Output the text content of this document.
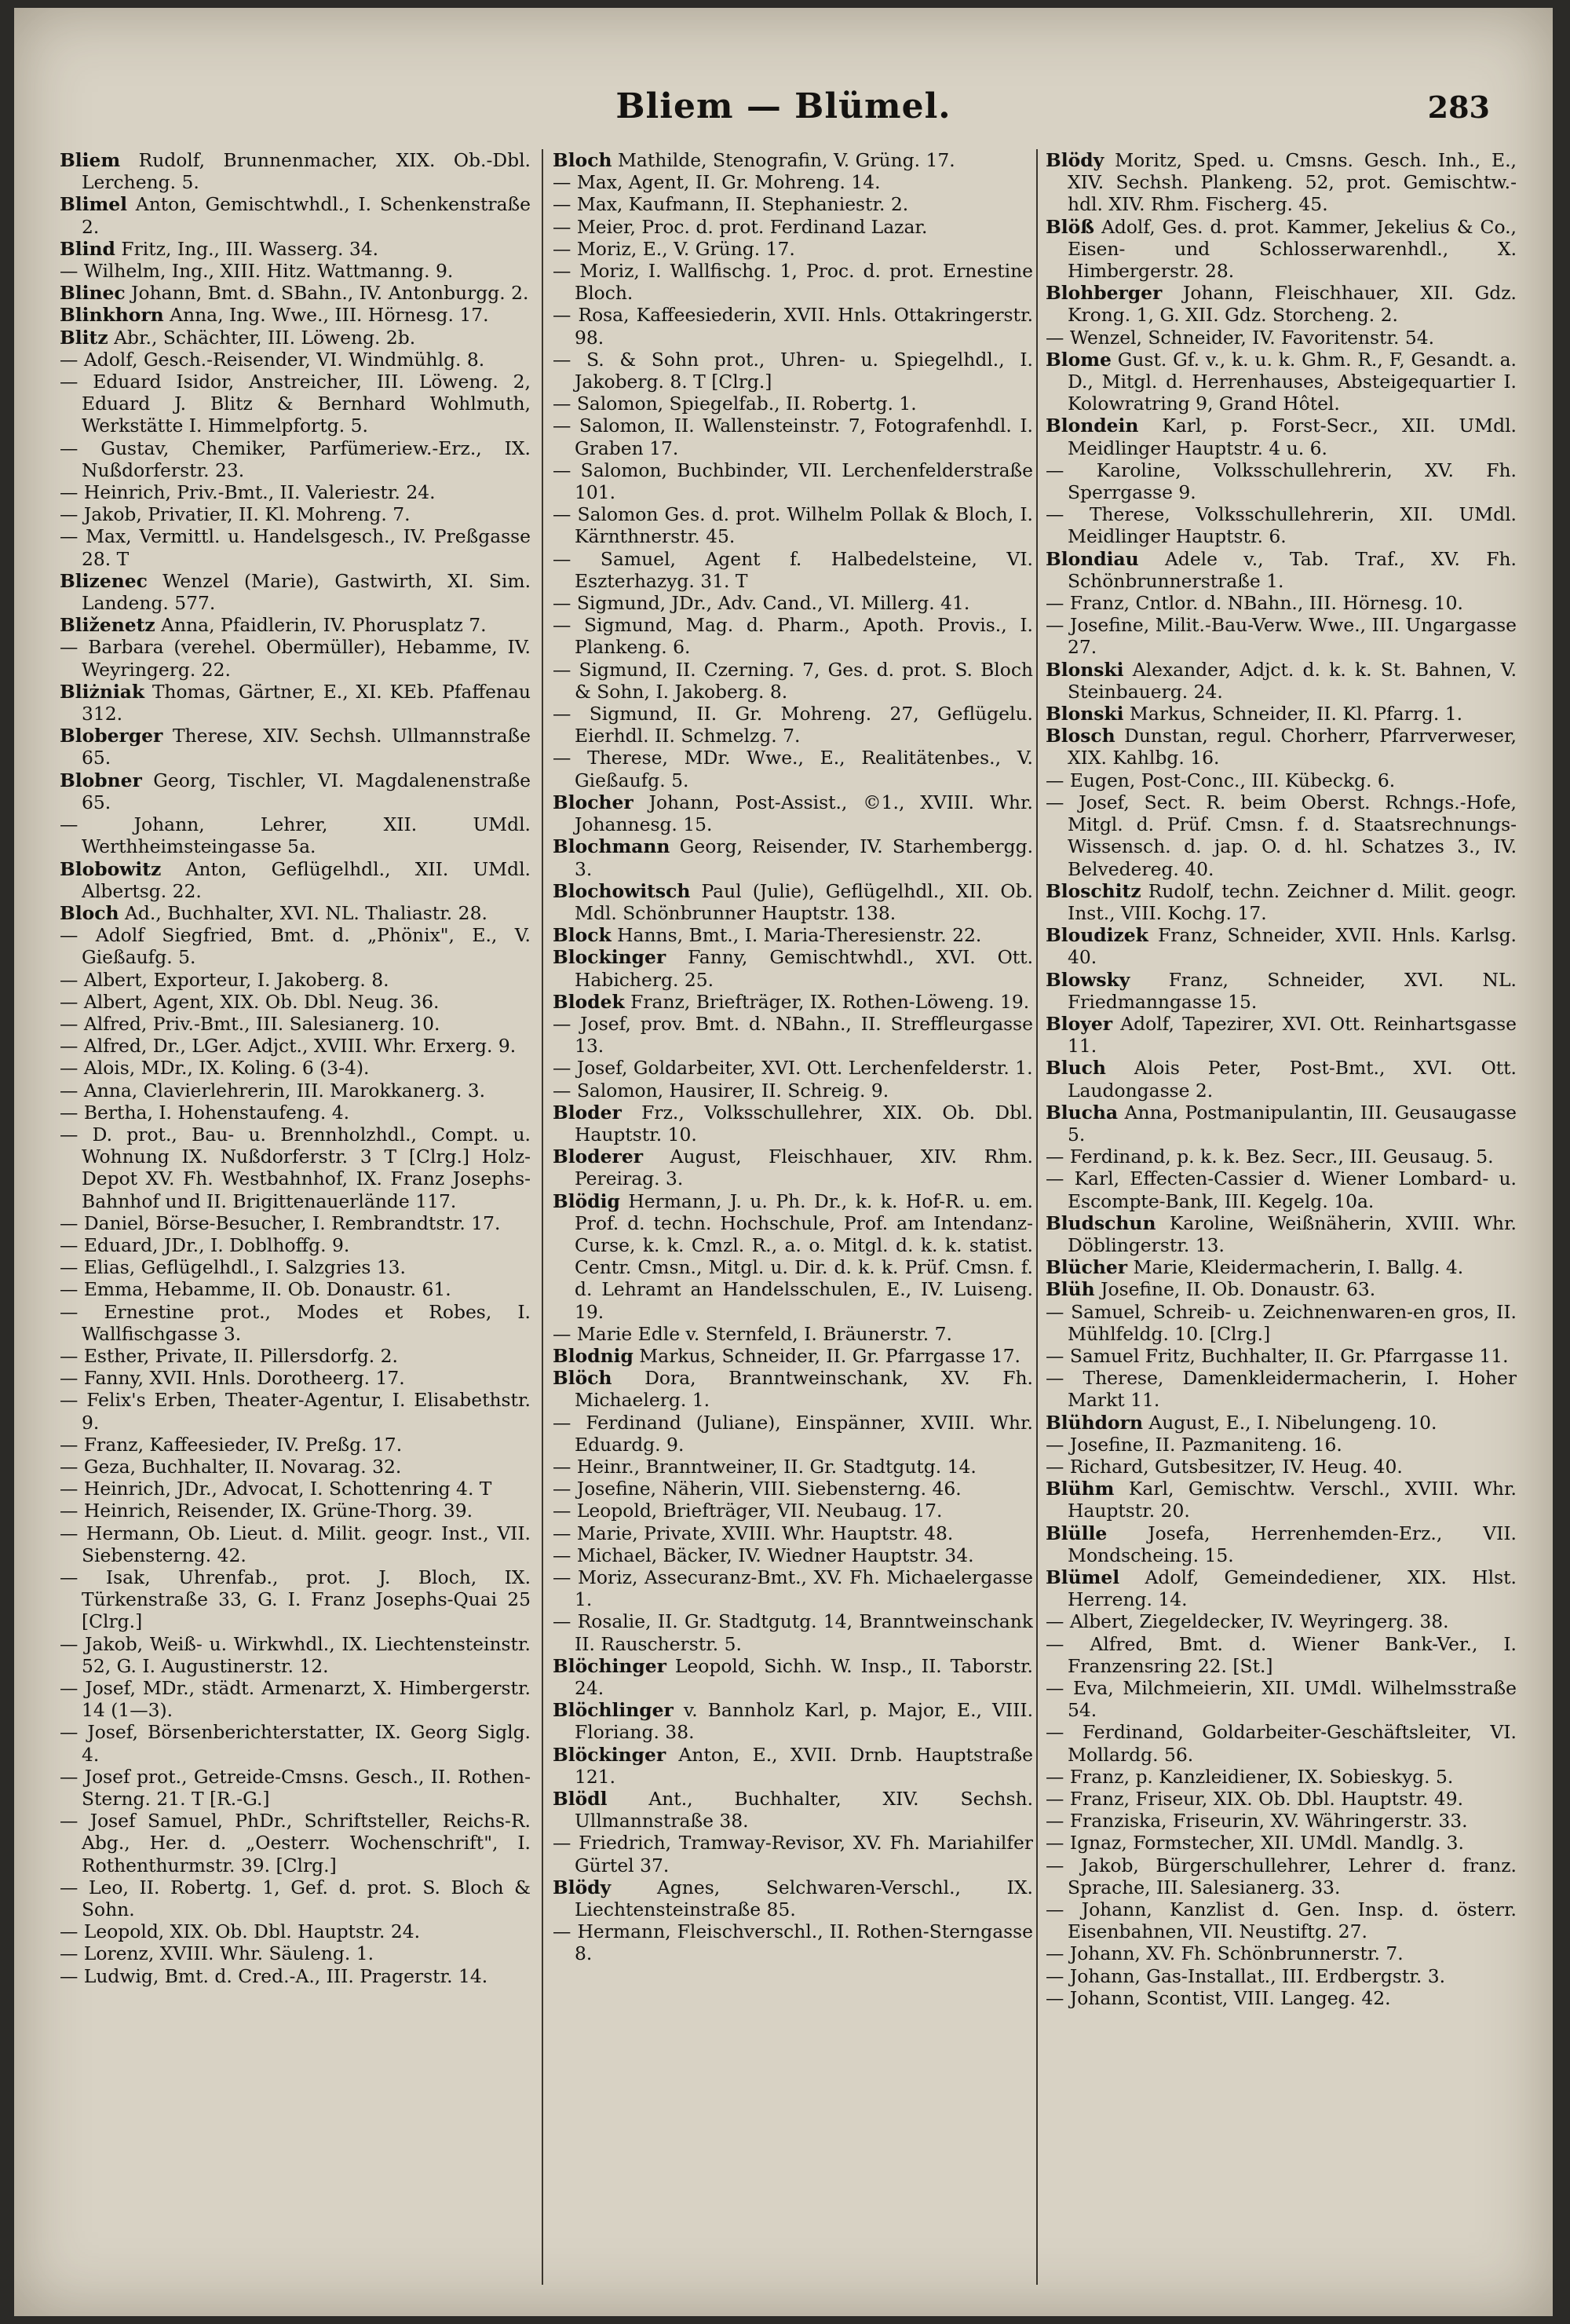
Bliem — Blümel.	283

Bliem Rudolf, Brunnenmacher, XIX. Ob.-Dbl. Lercheng. 5.

Blimel Anton, Gemischtwhdl., I. Schenkenstraße 2.

Blind Fritz, Ing., III. Wasserg. 34.

— Wilhelm, Ing., XIII. Hitz. Wattmanng. 9.

Blinec Johann, Bmt. d. SBahn., IV. Antonburgg. 2.

Blinkhorn Anna, Ing. Wwe., III. Hörnesg. 17.

Blitz Abr., Schächter, III. Löweng. 2b.

— Adolf, Gesch.-Reisender, VI. Windmühlg. 8.

— Eduard Isidor, Anstreicher, III. Löweng. 2, Eduard J. Blitz & Bernhard Wohlmuth, Werkstätte I. Himmelpfortg. 5.

— Gustav, Chemiker, Parfümeriew.-Erz., IX. Nußdorferstr. 23.

— Heinrich, Priv.-Bmt., II. Valeriestr. 24.

— Jakob, Privatier, II. Kl. Mohreng. 7.

— Max, Vermittl. u. Handelsgesch., IV. Preßgasse 28. T

Blizenec Wenzel (Marie), Gastwirth, XI. Sim. Landeng. 577.

Bliženetz Anna, Pfaidlerin, IV. Phorusplatz 7.

— Barbara (verehel. Obermüller), Hebamme, IV. Weyringerg. 22.

Bliżniak Thomas, Gärtner, E., XI. KEb. Pfaffenau 312.

Bloberger Therese, XIV. Sechsh. Ullmannstraße 65.

Blobner Georg, Tischler, VI. Magdalenenstraße 65.

— Johann, Lehrer, XII. UMdl. Werthheimsteingasse 5a.

Blobowitz Anton, Geflügelhdl., XII. UMdl. Albertsg. 22.

Bloch Ad., Buchhalter, XVI. NL. Thaliastr. 28.

— Adolf Siegfried, Bmt. d. „Phönix", E., V. Gießaufg. 5.

— Albert, Exporteur, I. Jakoberg. 8.

— Albert, Agent, XIX. Ob. Dbl. Neug. 36.

— Alfred, Priv.-Bmt., III. Salesianerg. 10.

— Alfred, Dr., LGer. Adjct., XVIII. Whr. Erxerg. 9.

— Alois, MDr., IX. Koling. 6 (3-4).

— Anna, Clavierlehrerin, III. Marokkanerg. 3.

— Bertha, I. Hohenstaufeng. 4.

— D. prot., Bau- u. Brennholzhdl., Compt. u. Wohnung IX. Nußdorferstr. 3 T [Clrg.] Holz-Depot XV. Fh. Westbahnhof, IX. Franz Josephs-Bahnhof und II. Brigittenauerlände 117.

— Daniel, Börse-Besucher, I. Rembrandtstr. 17.

— Eduard, JDr., I. Doblhoffg. 9.

— Elias, Geflügelhdl., I. Salzgries 13.

— Emma, Hebamme, II. Ob. Donaustr. 61.

— Ernestine prot., Modes et Robes, I. Wallfischgasse 3.

— Esther, Private, II. Pillersdorfg. 2.

— Fanny, XVII. Hnls. Dorotheerg. 17.

— Felix's Erben, Theater-Agentur, I. Elisabethstr. 9.

— Franz, Kaffeesieder, IV. Preßg. 17.

— Geza, Buchhalter, II. Novarag. 32.

— Heinrich, JDr., Advocat, I. Schottenring 4. T

— Heinrich, Reisender, IX. Grüne-Thorg. 39.

— Hermann, Ob. Lieut. d. Milit. geogr. Inst., VII. Siebensterng. 42.

— Isak, Uhrenfab., prot. J. Bloch, IX. Türkenstraße 33, G. I. Franz Josephs-Quai 25 [Clrg.]

— Jakob, Weiß- u. Wirkwhdl., IX. Liechtensteinstr. 52, G. I. Augustinerstr. 12.

— Josef, MDr., städt. Armenarzt, X. Himbergerstr. 14 (1—3).

— Josef, Börsenberichterstatter, IX. Georg Siglg. 4.

— Josef prot., Getreide-Cmsns. Gesch., II. Rothen-Sterng. 21. T [R.-G.]

— Josef Samuel, PhDr., Schriftsteller, Reichs-R. Abg., Her. d. „Oesterr. Wochenschrift", I. Rothenthurmstr. 39. [Clrg.]

— Leo, II. Robertg. 1, Gef. d. prot. S. Bloch & Sohn.

— Leopold, XIX. Ob. Dbl. Hauptstr. 24.

— Lorenz, XVIII. Whr. Säuleng. 1.

— Ludwig, Bmt. d. Cred.-A., III. Pragerstr. 14.

Bloch Mathilde, Stenografin, V. Grüng. 17.

— Max, Agent, II. Gr. Mohreng. 14.

— Max, Kaufmann, II. Stephaniestr. 2.

— Meier, Proc. d. prot. Ferdinand Lazar.

— Moriz, E., V. Grüng. 17.

— Moriz, I. Wallfischg. 1, Proc. d. prot. Ernestine Bloch.

— Rosa, Kaffeesiederin, XVII. Hnls. Ottakringerstr. 98.

— S. & Sohn prot., Uhren- u. Spiegelhdl., I. Jakoberg. 8. T [Clrg.]

— Salomon, Spiegelfab., II. Robertg. 1.

— Salomon, II. Wallensteinstr. 7, Fotografenhdl. I. Graben 17.

— Salomon, Buchbinder, VII. Lerchenfelderstraße 101.

— Salomon Ges. d. prot. Wilhelm Pollak & Bloch, I. Kärnthnerstr. 45.

— Samuel, Agent f. Halbedelsteine, VI. Eszterhazyg. 31. T

— Sigmund, JDr., Adv. Cand., VI. Millerg. 41.

— Sigmund, Mag. d. Pharm., Apoth. Provis., I. Plankeng. 6.

— Sigmund, II. Czerning. 7, Ges. d. prot. S. Bloch & Sohn, I. Jakoberg. 8.

— Sigmund, II. Gr. Mohreng. 27, Geflügelu. Eierhdl. II. Schmelzg. 7.

— Therese, MDr. Wwe., E., Realitätenbes., V. Gießaufg. 5.

Blocher Johann, Post-Assist., ©1., XVIII. Whr. Johannesg. 15.

Blochmann Georg, Reisender, IV. Starhembergg. 3.

Blochowitsch Paul (Julie), Geflügelhdl., XII. Ob. Mdl. Schönbrunner Hauptstr. 138.

Block Hanns, Bmt., I. Maria-Theresienstr. 22.

Blockinger Fanny, Gemischtwhdl., XVI. Ott. Habicherg. 25.

Blodek Franz, Briefträger, IX. Rothen-Löweng. 19.

— Josef, prov. Bmt. d. NBahn., II. Streffleurgasse 13.

— Josef, Goldarbeiter, XVI. Ott. Lerchenfelderstr. 1.

— Salomon, Hausirer, II. Schreig. 9.

Bloder Frz., Volksschullehrer, XIX. Ob. Dbl. Hauptstr. 10.

Bloderer August, Fleischhauer, XIV. Rhm. Pereirag. 3.

Blödig Hermann, J. u. Ph. Dr., k. k. Hof-R. u. em. Prof. d. techn. Hochschule, Prof. am Intendanz-Curse, k. k. Cmzl. R., a. o. Mitgl. d. k. k. statist. Centr. Cmsn., Mitgl. u. Dir. d. k. k. Prüf. Cmsn. f. d. Lehramt an Handelsschulen, E., IV. Luiseng. 19.

— Marie Edle v. Sternfeld, I. Bräunerstr. 7.

Blodnig Markus, Schneider, II. Gr. Pfarrgasse 17.

Blöch Dora, Branntweinschank, XV. Fh. Michaelerg. 1.

— Ferdinand (Juliane), Einspänner, XVIII. Whr. Eduardg. 9.

— Heinr., Branntweiner, II. Gr. Stadtgutg. 14.

— Josefine, Näherin, VIII. Siebensterng. 46.

— Leopold, Briefträger, VII. Neubaug. 17.

— Marie, Private, XVIII. Whr. Hauptstr. 48.

— Michael, Bäcker, IV. Wiedner Hauptstr. 34.

— Moriz, Assecuranz-Bmt., XV. Fh. Michaelergasse 1.

— Rosalie, II. Gr. Stadtgutg. 14, Branntweinschank II. Rauscherstr. 5.

Blöchinger Leopold, Sichh. W. Insp., II. Taborstr. 24.

Blöchlinger v. Bannholz Karl, p. Major, E., VIII. Floriang. 38.

Blöckinger Anton, E., XVII. Drnb. Hauptstraße 121.

Blödl Ant., Buchhalter, XIV. Sechsh. Ullmannstraße 38.

— Friedrich, Tramway-Revisor, XV. Fh. Mariahilfer Gürtel 37.

Blödy Agnes, Selchwaren-Verschl., IX. Liechtensteinstraße 85.

— Hermann, Fleischverschl., II. Rothen-Sterngasse 8.

Blödy Moritz, Sped. u. Cmsns. Gesch. Inh., E., XIV. Sechsh. Plankeng. 52, prot. Gemischtw.-hdl. XIV. Rhm. Fischerg. 45.

Blöß Adolf, Ges. d. prot. Kammer, Jekelius & Co., Eisen- und Schlosserwarenhdl., X. Himbergerstr. 28.

Blohberger Johann, Fleischhauer, XII. Gdz. Krong. 1, G. XII. Gdz. Storcheng. 2.

— Wenzel, Schneider, IV. Favoritenstr. 54.

Blome Gust. Gf. v., k. u. k. Ghm. R., F, Gesandt. a. D., Mitgl. d. Herrenhauses, Absteigequartier I. Kolowratring 9, Grand Hôtel.

Blondein Karl, p. Forst-Secr., XII. UMdl. Meidlinger Hauptstr. 4 u. 6.

— Karoline, Volksschullehrerin, XV. Fh. Sperrgasse 9.

— Therese, Volksschullehrerin, XII. UMdl. Meidlinger Hauptstr. 6.

Blondiau Adele v., Tab. Traf., XV. Fh. Schönbrunnerstraße 1.

— Franz, Cntlor. d. NBahn., III. Hörnesg. 10.

— Josefine, Milit.-Bau-Verw. Wwe., III. Ungargasse 27.

Blonski Alexander, Adjct. d. k. k. St. Bahnen, V. Steinbauerg. 24.

Blonski Markus, Schneider, II. Kl. Pfarrg. 1.

Blosch Dunstan, regul. Chorherr, Pfarrverweser, XIX. Kahlbg. 16.

— Eugen, Post-Conc., III. Kübeckg. 6.

— Josef, Sect. R. beim Oberst. Rchngs.-Hofe, Mitgl. d. Prüf. Cmsn. f. d. Staatsrechnungs-Wissensch. d. jap. O. d. hl. Schatzes 3., IV. Belvedereg. 40.

Bloschitz Rudolf, techn. Zeichner d. Milit. geogr. Inst., VIII. Kochg. 17.

Bloudizek Franz, Schneider, XVII. Hnls. Karlsg. 40.

Blowsky Franz, Schneider, XVI. NL. Friedmanngasse 15.

Bloyer Adolf, Tapezirer, XVI. Ott. Reinhartsgasse 11.

Bluch Alois Peter, Post-Bmt., XVI. Ott. Laudongasse 2.

Blucha Anna, Postmanipulantin, III. Geusaugasse 5.

— Ferdinand, p. k. k. Bez. Secr., III. Geusaug. 5.

— Karl, Effecten-Cassier d. Wiener Lombard- u. Escompte-Bank, III. Kegelg. 10a.

Bludschun Karoline, Weißnäherin, XVIII. Whr. Döblingerstr. 13.

Blücher Marie, Kleidermacherin, I. Ballg. 4.

Blüh Josefine, II. Ob. Donaustr. 63.

— Samuel, Schreib- u. Zeichnenwaren-en gros, II. Mühlfeldg. 10. [Clrg.]

— Samuel Fritz, Buchhalter, II. Gr. Pfarrgasse 11.

— Therese, Damenkleidermacherin, I. Hoher Markt 11.

Blühdorn August, E., I. Nibelungeng. 10.

— Josefine, II. Pazmaniteng. 16.

— Richard, Gutsbesitzer, IV. Heug. 40.

Blühm Karl, Gemischtw. Verschl., XVIII. Whr. Hauptstr. 20.

Blülle Josefa, Herrenhemden-Erz., VII. Mondscheing. 15.

Blümel Adolf, Gemeindediener, XIX. Hlst. Herreng. 14.

— Albert, Ziegeldecker, IV. Weyringerg. 38.

— Alfred, Bmt. d. Wiener Bank-Ver., I. Franzensring 22. [St.]

— Eva, Milchmeierin, XII. UMdl. Wilhelmsstraße 54.

— Ferdinand, Goldarbeiter-Geschäftsleiter, VI. Mollardg. 56.

— Franz, p. Kanzleidiener, IX. Sobieskyg. 5.

— Franz, Friseur, XIX. Ob. Dbl. Hauptstr. 49.

— Franziska, Friseurin, XV. Währingerstr. 33.

— Ignaz, Formstecher, XII. UMdl. Mandlg. 3.

— Jakob, Bürgerschullehrer, Lehrer d. franz. Sprache, III. Salesianerg. 33.

— Johann, Kanzlist d. Gen. Insp. d. österr. Eisenbahnen, VII. Neustiftg. 27.

— Johann, XV. Fh. Schönbrunnerstr. 7.

— Johann, Gas-Installat., III. Erdbergstr. 3.

— Johann, Scontist, VIII. Langeg. 42.
